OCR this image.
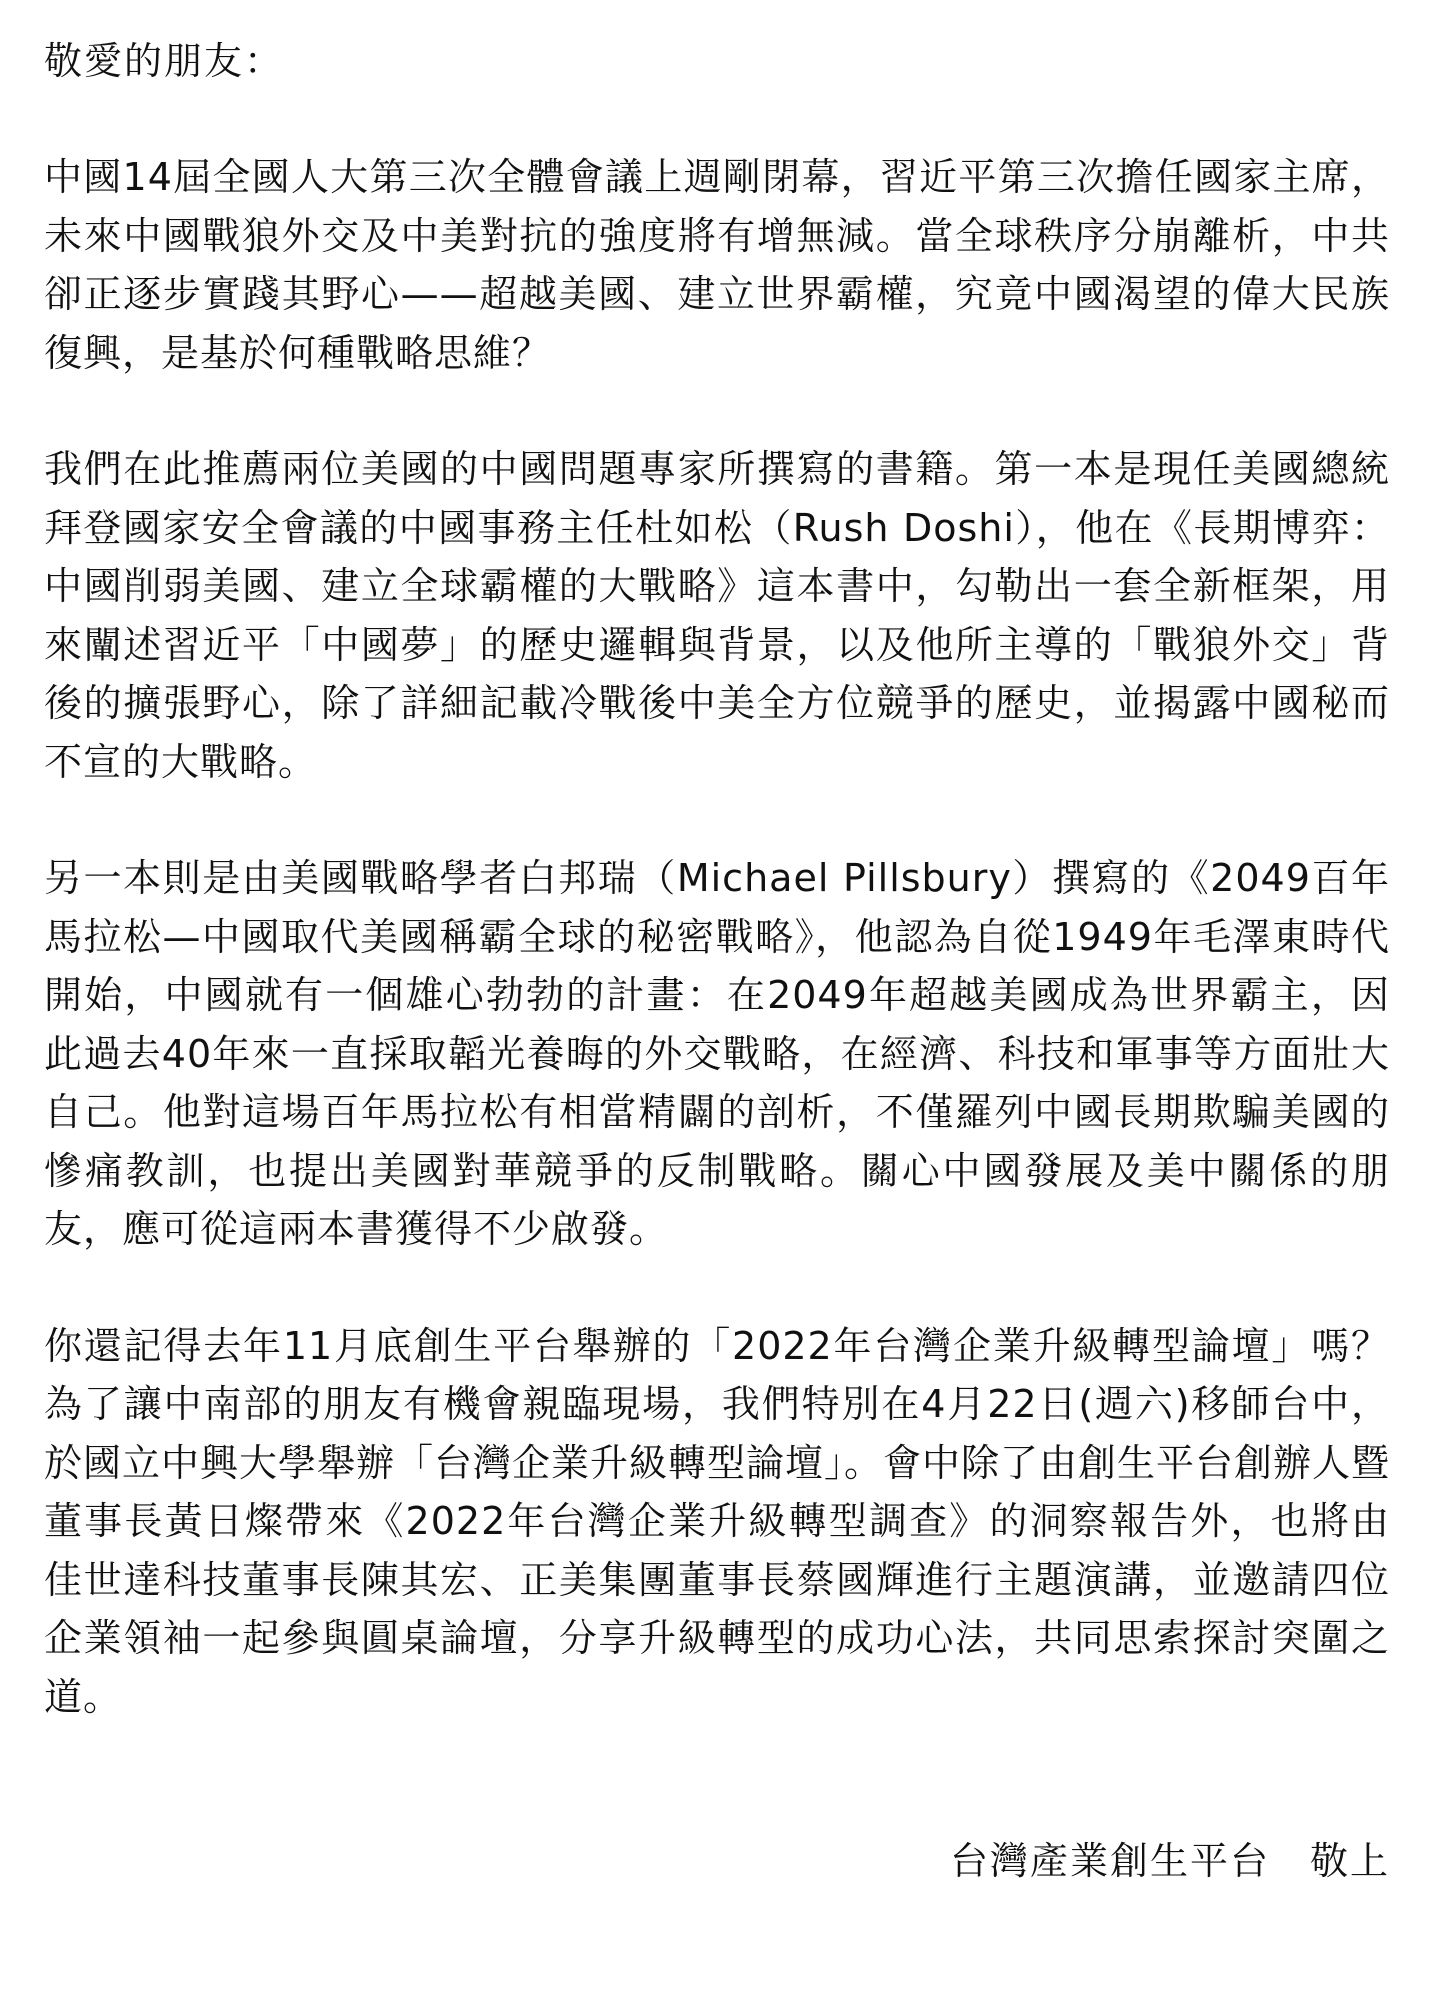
敬愛的朋友：

中國14屆全國人大第三次全體會議上週剛閉幕，習近平第三次擔任國家主席，未來中國戰狼外交及中美對抗的強度將有增無減。當全球秩序分崩離析，中共卻正逐步實踐其野心——超越美國、建立世界霸權，究竟中國渴望的偉大民族復興，是基於何種戰略思維？

我們在此推薦兩位美國的中國問題專家所撰寫的書籍。第一本是現任美國總統拜登國家安全會議的中國事務主任杜如松（Rush Doshi），他在《長期博弈：中國削弱美國、建立全球霸權的大戰略》這本書中，勾勒出一套全新框架，用來闡述習近平「中國夢」的歷史邏輯與背景，以及他所主導的「戰狼外交」背後的擴張野心，除了詳細記載冷戰後中美全方位競爭的歷史，並揭露中國秘而不宣的大戰略。

另一本則是由美國戰略學者白邦瑞（Michael Pillsbury）撰寫的《2049百年馬拉松—中國取代美國稱霸全球的秘密戰略》，他認為自從1949年毛澤東時代開始，中國就有一個雄心勃勃的計畫：在2049年超越美國成為世界霸主，因此過去40年來一直採取韜光養晦的外交戰略，在經濟、科技和軍事等方面壯大自己。他對這場百年馬拉松有相當精闢的剖析，不僅羅列中國長期欺騙美國的慘痛教訓，也提出美國對華競爭的反制戰略。關心中國發展及美中關係的朋友，應可從這兩本書獲得不少啟發。

你還記得去年11月底創生平台舉辦的「2022年台灣企業升級轉型論壇」嗎？為了讓中南部的朋友有機會親臨現場，我們特別在4月22日(週六)移師台中，於國立中興大學舉辦「台灣企業升級轉型論壇」。會中除了由創生平台創辦人暨董事長黃日燦帶來《2022年台灣企業升級轉型調查》的洞察報告外，也將由佳世達科技董事長陳其宏、正美集團董事長蔡國輝進行主題演講，並邀請四位企業領袖一起參與圓桌論壇，分享升級轉型的成功心法，共同思索探討突圍之道。

台灣產業創生平台　敬上
